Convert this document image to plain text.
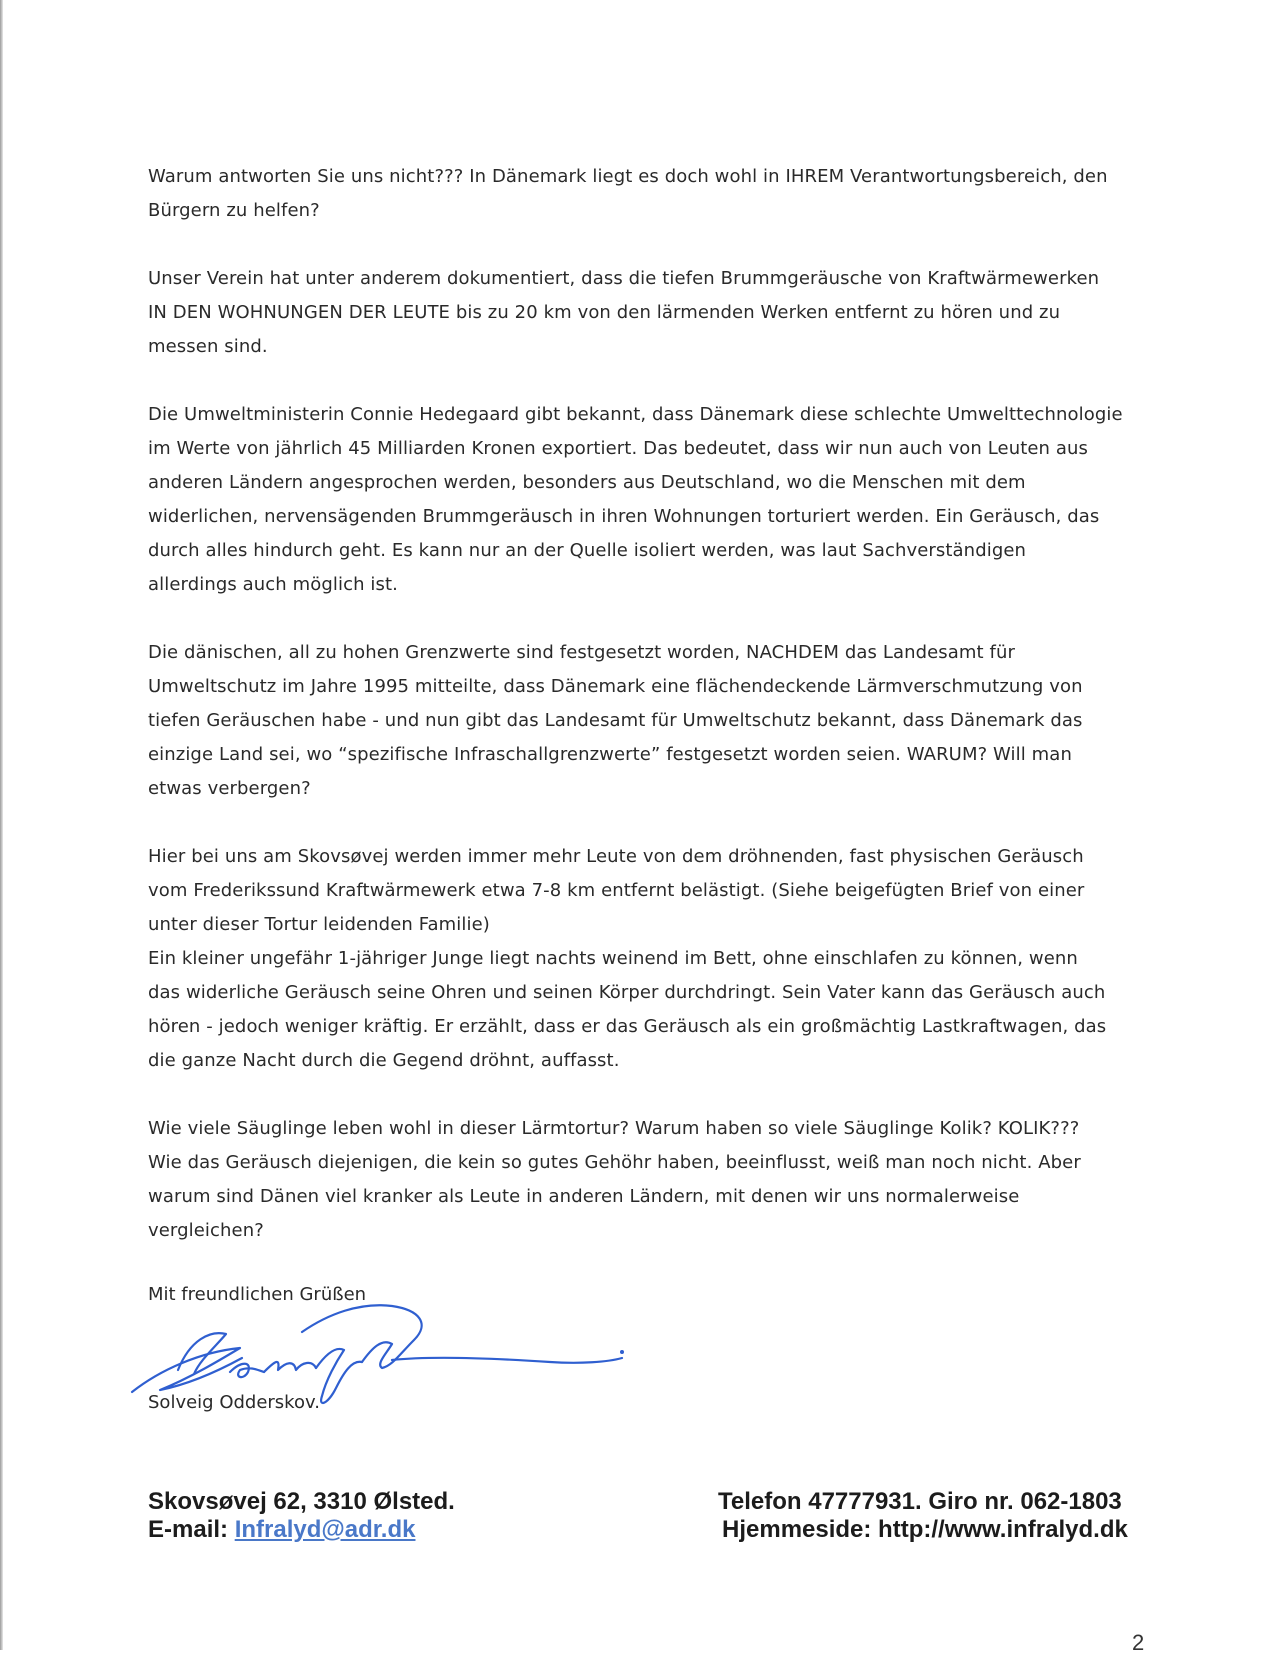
Warum antworten Sie uns nicht??? In Dänemark liegt es doch wohl in IHREM Verantwortungsbereich, den
Bürgern zu helfen?

Unser Verein hat unter anderem dokumentiert, dass die tiefen Brummgeräusche von Kraftwärmewerken
IN DEN WOHNUNGEN DER LEUTE bis zu 20 km von den lärmenden Werken entfernt zu hören und zu
messen sind.

Die Umweltministerin Connie Hedegaard gibt bekannt, dass Dänemark diese schlechte Umwelttechnologie
im Werte von jährlich 45 Milliarden Kronen exportiert. Das bedeutet, dass wir nun auch von Leuten aus
anderen Ländern angesprochen werden, besonders aus Deutschland, wo die Menschen mit dem
widerlichen, nervensägenden Brummgeräusch in ihren Wohnungen torturiert werden. Ein Geräusch, das
durch alles hindurch geht. Es kann nur an der Quelle isoliert werden, was laut Sachverständigen
allerdings auch möglich ist.

Die dänischen, all zu hohen Grenzwerte sind festgesetzt worden, NACHDEM das Landesamt für
Umweltschutz im Jahre 1995 mitteilte, dass Dänemark eine flächendeckende Lärmverschmutzung von
tiefen Geräuschen habe - und nun gibt das Landesamt für Umweltschutz bekannt, dass Dänemark das
einzige Land sei, wo “spezifische Infraschallgrenzwerte” festgesetzt worden seien. WARUM? Will man
etwas verbergen?

Hier bei uns am Skovsøvej werden immer mehr Leute von dem dröhnenden, fast physischen Geräusch
vom Frederikssund Kraftwärmewerk etwa 7-8 km entfernt belästigt. (Siehe beigefügten Brief von einer
unter dieser Tortur leidenden Familie)
Ein kleiner ungefähr 1-jähriger Junge liegt nachts weinend im Bett, ohne einschlafen zu können, wenn
das widerliche Geräusch seine Ohren und seinen Körper durchdringt. Sein Vater kann das Geräusch auch
hören - jedoch weniger kräftig. Er erzählt, dass er das Geräusch als ein großmächtig Lastkraftwagen, das
die ganze Nacht durch die Gegend dröhnt, auffasst.

Wie viele Säuglinge leben wohl in dieser Lärmtortur? Warum haben so viele Säuglinge Kolik? KOLIK???
Wie das Geräusch diejenigen, die kein so gutes Gehöhr haben, beeinflusst, weiß man noch nicht. Aber
warum sind Dänen viel kranker als Leute in anderen Ländern, mit denen wir uns normalerweise
vergleichen?

Mit freundlichen Grüßen
Solveig Odderskov.
Skovsøvej 62, 3310 Ølsted.
E-mail: Infralyd@adr.dk
Telefon 47777931. Giro nr. 062-1803
Hjemmeside: http://www.infralyd.dk
2
